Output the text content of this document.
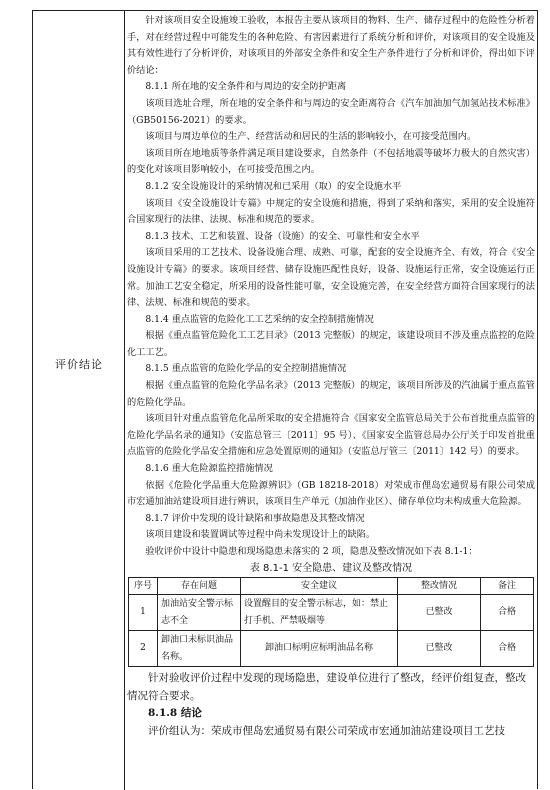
评价结论

针对该项目安全设施竣工验收，本报告主要从该项目的物料、生产、储存过程中的危险性分析着手，对在经营过程中可能发生的各种危险、有害因素进行了系统分析和评价，对该项目的安全设施及其有效性进行了分析评价，对该项目的外部安全条件和安全生产条件进行了分析和评价，得出如下评价结论：

8.1.1 所在地的安全条件和与周边的安全防护距离

该项目选址合理，所在地的安全条件和与周边的安全距离符合《汽车加油加气加氢站技术标准》（GB50156-2021）的要求。

该项目与周边单位的生产、经营活动和居民的生活的影响较小，在可接受范围内。

该项目所在地地质等条件满足项目建设要求，自然条件（不包括地震等破坏力极大的自然灾害）的变化对该项目影响较小，在可接受范围之内。

8.1.2 安全设施设计的采纳情况和已采用（取）的安全设施水平

该项目《安全设施设计专篇》中规定的安全设施和措施，得到了采纳和落实，采用的安全设施符合国家现行的法律、法规、标准和规范的要求。

8.1.3 技术、工艺和装置、设备（设施）的安全、可靠性和安全水平

该项目采用的工艺技术、设备设施合理、成熟、可靠，配套的安全设施齐全、有效，符合《安全设施设计专篇》的要求。该项目经营、储存设施匹配性良好，设备、设施运行正常，安全设施运行正常。加油工艺安全稳定，所采用的设备性能可靠，安全设施完善，在安全经营方面符合国家现行的法律、法规、标准和规范的要求。

8.1.4 重点监管的危险化工工艺采纳的安全控制措施情况

根据《重点监管危险化工工艺目录》（2013 完整版）的规定，该建设项目不涉及重点监控的危险化工工艺。

8.1.5 重点监管的危险化学品的安全控制措施情况

根据《重点监管的危险化学品名录》（2013 完整版）的规定，该项目所涉及的汽油属于重点监管的危险化学品。

该项目针对重点监管危化品所采取的安全措施符合《国家安全监管总局关于公布首批重点监管的危险化学品名录的通知》（安监总管三〔2011〕95 号）、《国家安全监管总局办公厅关于印发首批重点监管的危险化学品安全措施和应急处置原则的通知》（安监总厅管三〔2011〕142 号）的要求。

8.1.6 重大危险源监控措施情况

依据《危险化学品重大危险源辨识》（GB 18218-2018）对荣成市俚岛宏通贸易有限公司荣成市宏通加油站建设项目进行辨识，该项目生产单元（加油作业区）、储存单位均未构成重大危险源。

8.1.7 评价中发现的设计缺陷和事故隐患及其整改情况

该项目建设和装置调试等过程中尚未发现设计上的缺陷。

验收评价中设计中隐患和现场隐患未落实的 2 项，隐患及整改情况如下表 8.1-1：

表 8.1-1 安全隐患、建议及整改情况

序号	存在问题	安全建议	整改情况	备注
1	加油站安全警示标志不全	设置醒目的安全警示标志，如：禁止打手机、严禁吸烟等	已整改	合格
2	卸油口未标识油品名称。	卸油口标明应标明油品名称	已整改	合格

针对验收评价过程中发现的现场隐患，建设单位进行了整改，经评价组复查，整改情况符合要求。

8.1.8 结论

评价组认为：荣成市俚岛宏通贸易有限公司荣成市宏通加油站建设项目工艺技
